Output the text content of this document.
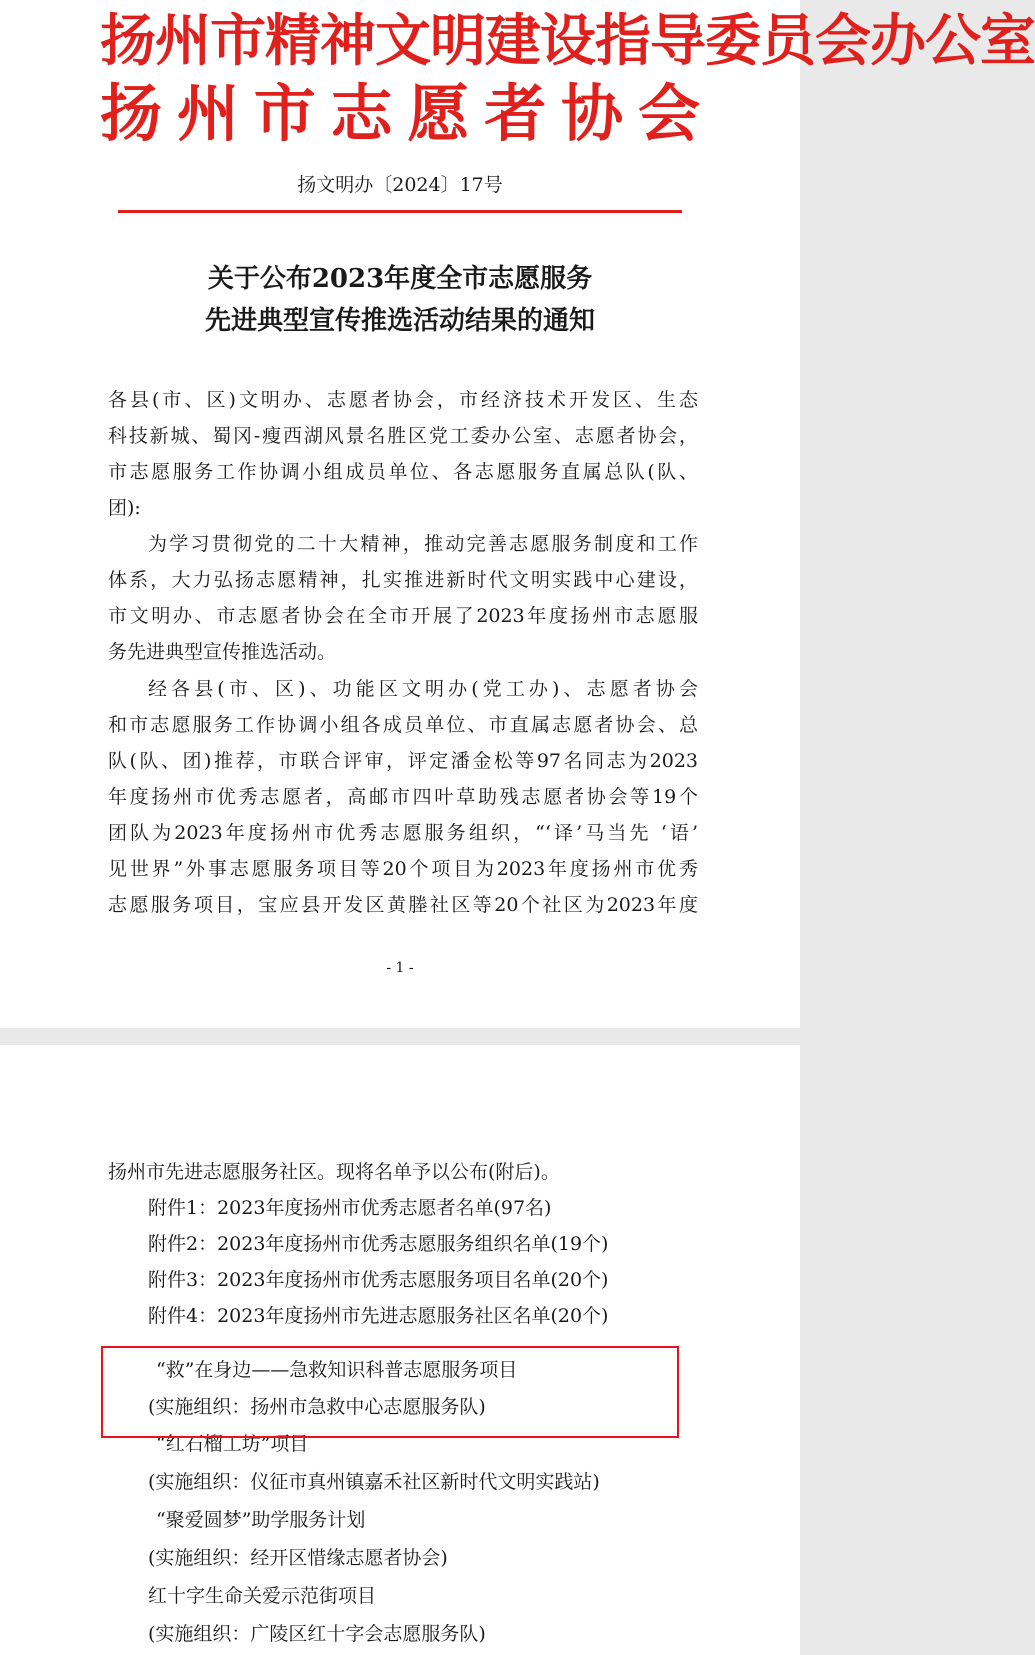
扬州市精神文明建设指导委员会办公室
扬州市志愿者协会
扬文明办〔2024〕17号
关于公布2023年度全市志愿服务
先进典型宣传推选活动结果的通知
各县(市、区)文明办、志愿者协会，市经济技术开发区、生态
科技新城、蜀冈-瘦西湖风景名胜区党工委办公室、志愿者协会，
市志愿服务工作协调小组成员单位、各志愿服务直属总队(队、
团):
为学习贯彻党的二十大精神，推动完善志愿服务制度和工作
体系，大力弘扬志愿精神，扎实推进新时代文明实践中心建设，
市文明办、市志愿者协会在全市开展了2023年度扬州市志愿服
务先进典型宣传推选活动。
经各县(市、区)、功能区文明办(党工办)、志愿者协会
和市志愿服务工作协调小组各成员单位、市直属志愿者协会、总
队(队、团)推荐，市联合评审，评定潘金松等97名同志为2023
年度扬州市优秀志愿者，高邮市四叶草助残志愿者协会等19个
团队为2023年度扬州市优秀志愿服务组织，“‘译’马当先 ‘语’
见世界”外事志愿服务项目等20个项目为2023年度扬州市优秀
志愿服务项目，宝应县开发区黄塍社区等20个社区为2023年度
- 1 -
扬州市先进志愿服务社区。现将名单予以公布(附后)。
附件1：2023年度扬州市优秀志愿者名单(97名)
附件2：2023年度扬州市优秀志愿服务组织名单(19个)
附件3：2023年度扬州市优秀志愿服务项目名单(20个)
附件4：2023年度扬州市先进志愿服务社区名单(20个)
“救”在身边——急救知识科普志愿服务项目
(实施组织：扬州市急救中心志愿服务队)
“红石榴工坊”项目
(实施组织：仪征市真州镇嘉禾社区新时代文明实践站)
“聚爱圆梦”助学服务计划
(实施组织：经开区惜缘志愿者协会)
红十字生命关爱示范街项目
(实施组织：广陵区红十字会志愿服务队)
